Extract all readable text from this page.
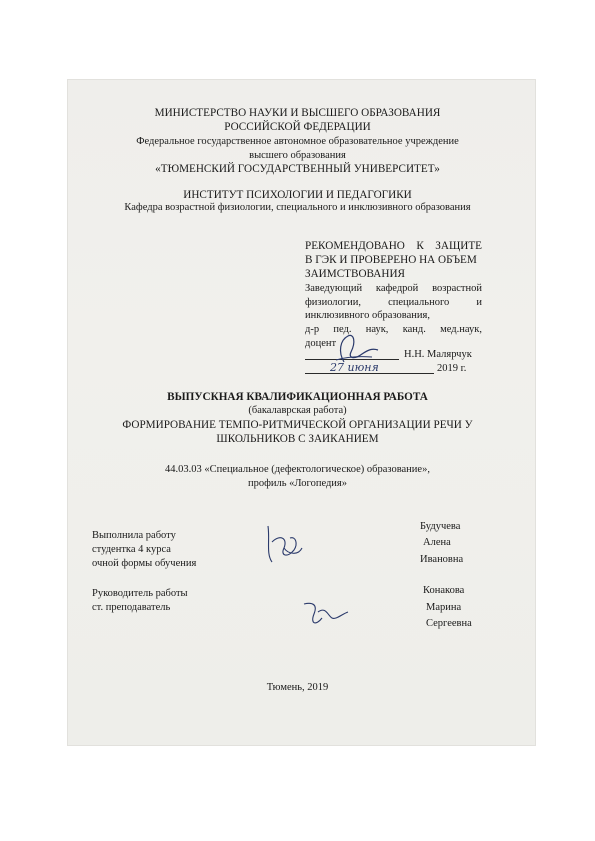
МИНИСТЕРСТВО НАУКИ И ВЫСШЕГО ОБРАЗОВАНИЯ
РОССИЙСКОЙ ФЕДЕРАЦИИ
Федеральное государственное автономное образовательное учреждение
высшего образования
«ТЮМЕНСКИЙ ГОСУДАРСТВЕННЫЙ УНИВЕРСИТЕТ»
ИНСТИТУТ ПСИХОЛОГИИ И ПЕДАГОГИКИ
Кафедра возрастной физиологии, специального и инклюзивного образования
РЕКОМЕНДОВАНО К ЗАЩИТЕ
В ГЭК И ПРОВЕРЕНО НА ОБЪЕМ
ЗАИМСТВОВАНИЯ
Заведующий кафедрой возрастной
физиологии,	специального	и
инклюзивного образования,
д-р пед. наук, канд. мед.наук,
доцент
Н.Н. Малярчук
27 июня	2019 г.
ВЫПУСКНАЯ КВАЛИФИКАЦИОННАЯ РАБОТА
(бакалаврская работа)
ФОРМИРОВАНИЕ ТЕМПО-РИТМИЧЕСКОЙ ОРГАНИЗАЦИИ РЕЧИ У
ШКОЛЬНИКОВ С ЗАИКАНИЕМ
44.03.03 «Специальное (дефектологическое) образование»,
профиль «Логопедия»
Выполнила работу
студентка 4 курса
очной формы обучения
Будучева
Алена
Ивановна
Руководитель работы
ст. преподаватель
Конакова
Марина
Сергеевна
Тюмень, 2019
